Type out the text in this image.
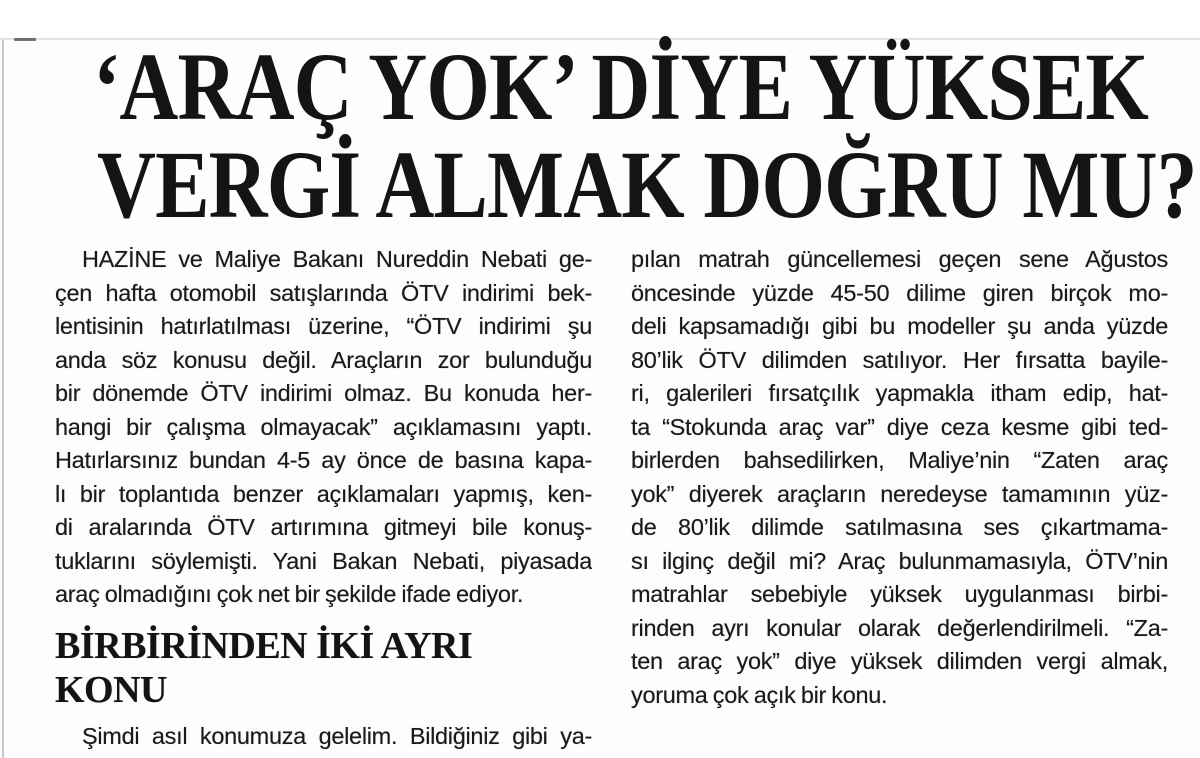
‘ARAÇ YOK’ DİYE YÜKSEK
VERGİ ALMAK DOĞRU MU?
HAZİNE ve Maliye Bakanı Nureddin Nebati ge-
çen hafta otomobil satışlarında ÖTV indirimi bek-
lentisinin hatırlatılması üzerine, “ÖTV indirimi şu
anda söz konusu değil. Araçların zor bulunduğu
bir dönemde ÖTV indirimi olmaz. Bu konuda her-
hangi bir çalışma olmayacak” açıklamasını yaptı.
Hatırlarsınız bundan 4-5 ay önce de basına kapa-
lı bir toplantıda benzer açıklamaları yapmış, ken-
di aralarında ÖTV artırımına gitmeyi bile konuş-
tuklarını söylemişti. Yani Bakan Nebati, piyasada
araç olmadığını çok net bir şekilde ifade ediyor.
BİRBİRİNDEN İKİ AYRI KONU
Şimdi asıl konumuza gelelim. Bildiğiniz gibi ya-
pılan matrah güncellemesi geçen sene Ağustos
öncesinde yüzde 45-50 dilime giren birçok mo-
deli kapsamadığı gibi bu modeller şu anda yüzde
80’lik ÖTV dilimden satılıyor. Her fırsatta bayile-
ri, galerileri fırsatçılık yapmakla itham edip, hat-
ta “Stokunda araç var” diye ceza kesme gibi ted-
birlerden bahsedilirken, Maliye’nin “Zaten araç
yok” diyerek araçların neredeyse tamamının yüz-
de 80’lik dilimde satılmasına ses çıkartmama-
sı ilginç değil mi? Araç bulunmamasıyla, ÖTV’nin
matrahlar sebebiyle yüksek uygulanması birbi-
rinden ayrı konular olarak değerlendirilmeli. “Za-
ten araç yok” diye yüksek dilimden vergi almak,
yoruma çok açık bir konu.
